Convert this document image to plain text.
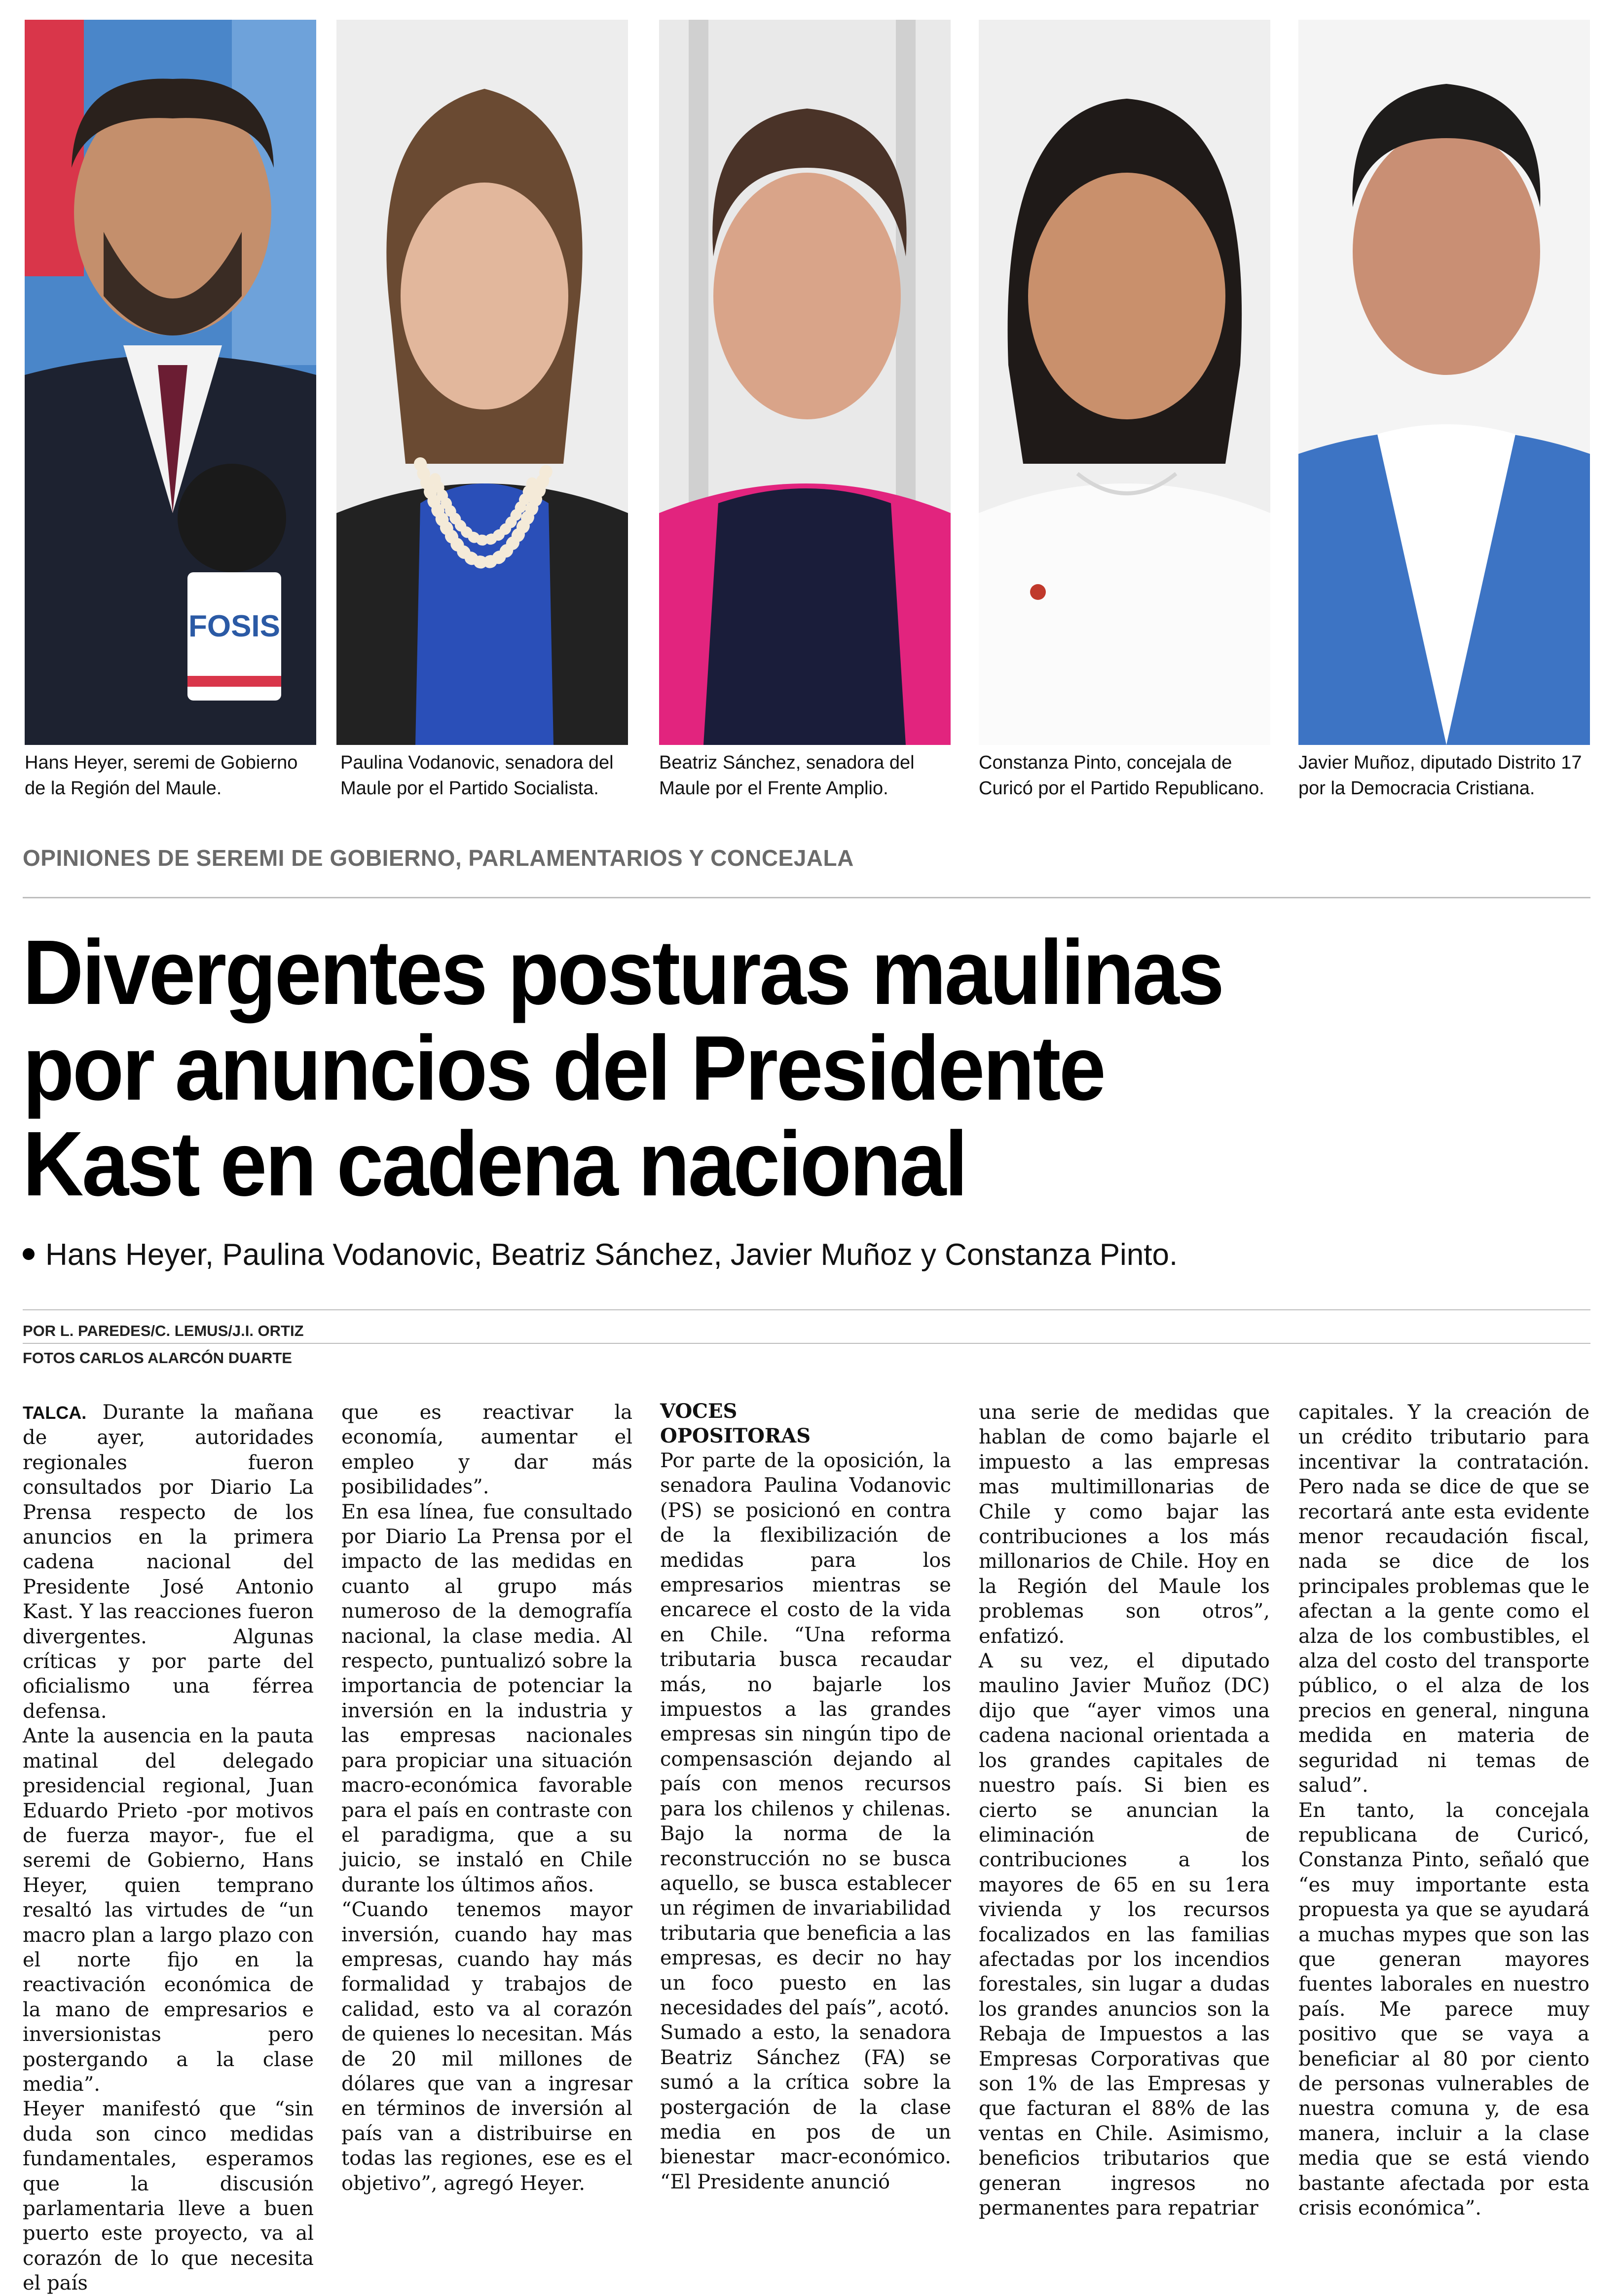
FOSIS
Hans Heyer, seremi de Gobierno de la Región del Maule.
Paulina Vodanovic, senadora del Maule por el Partido Socialista.
Beatriz Sánchez, senadora del Maule por el Frente Amplio.
Constanza Pinto, concejala de Curicó por el Partido Republicano.
Javier Muñoz, diputado Distrito 17 por la Democracia Cristiana.
OPINIONES DE SEREMI DE GOBIERNO, PARLAMENTARIOS Y CONCEJALA
Divergentes posturas maulinas
por anuncios del Presidente
Kast en cadena nacional
Hans Heyer, Paulina Vodanovic, Beatriz Sánchez, Javier Muñoz y Constanza Pinto.
POR L. PAREDES/C. LEMUS/J.I. ORTIZ
FOTOS CARLOS ALARCÓN DUARTE

TALCA. Durante la mañana de ayer, autoridades regionales fueron consultados por Diario La Prensa respecto de los anuncios en la primera cadena nacional del Presidente José Antonio Kast. Y las reacciones fueron divergentes. Algunas críticas y por parte del oficialismo una férrea defensa.

Ante la ausencia en la pauta matinal del delegado presidencial regional, Juan Eduardo Prieto -por motivos de fuerza mayor-, fue el seremi de Gobierno, Hans Heyer, quien temprano resaltó las virtudes de “un macro plan a largo plazo con el norte fijo en la reactivación económica de la mano de empresarios e inversionistas pero postergando a la clase media”.

Heyer manifestó que “sin duda son cinco medidas fundamentales, esperamos que la discusión parlamentaria lleve a buen puerto este proyecto, va al corazón de lo que necesita el país

que es reactivar la economía, aumentar el empleo y dar más posibilidades”.

En esa línea, fue consultado por Diario La Prensa por el impacto de las medidas en cuanto al grupo más numeroso de la demografía nacional, la clase media. Al respecto, puntualizó sobre la importancia de potenciar la inversión en la industria y las empresas nacionales para propiciar una situación macro-económica favorable para el país en contraste con el paradigma, que a su juicio, se instaló en Chile durante los últimos años.

“Cuando tenemos mayor inversión, cuando hay mas empresas, cuando hay más formalidad y trabajos de calidad, esto va al corazón de quienes lo necesitan. Más de 20 mil millones de dólares que van a ingresar en términos de inversión al país van a distribuirse en todas las regiones, ese es el objetivo”, agregó Heyer.

VOCES OPOSITORAS

Por parte de la oposición, la senadora Paulina Vodanovic (PS) se posicionó en contra de la flexibilización de medidas para los empresarios mientras se encarece el costo de la vida en Chile. “Una reforma tributaria busca recaudar más, no bajarle los impuestos a las grandes empresas sin ningún tipo de compensasción dejando al país con menos recursos para los chilenos y chilenas. Bajo la norma de la reconstrucción no se busca aquello, se busca establecer un régimen de invariabilidad tributaria que beneficia a las empresas, es decir no hay un foco puesto en las necesidades del país”, acotó.

Sumado a esto, la senadora Beatriz Sánchez (FA) se sumó a la crítica sobre la postergación de la clase media en pos de un bienestar macr-económico. “El Presidente anunció

una serie de medidas que hablan de como bajarle el impuesto a las empresas mas multimillonarias de Chile y como bajar las contribuciones a los más millonarios de Chile. Hoy en la Región del Maule los problemas son otros”, enfatizó.

A su vez, el diputado maulino Javier Muñoz (DC) dijo que “ayer vimos una cadena nacional orientada a los grandes capitales de nuestro país. Si bien es cierto se anuncian la eliminación de contribuciones a los mayores de 65 en su 1era vivienda y los recursos focalizados en las familias afectadas por los incendios forestales, sin lugar a dudas los grandes anuncios son la Rebaja de Impuestos a las Empresas Corporativas que son 1% de las Empresas y que facturan el 88% de las ventas en Chile. Asimismo, beneficios tributarios que generan ingresos no permanentes para repatriar

capitales. Y la creación de un crédito tributario para incentivar la contratación. Pero nada se dice de que se recortará ante esta evidente menor recaudación fiscal, nada se dice de los principales problemas que le afectan a la gente como el alza de los combustibles, el alza del costo del transporte público, o el alza de los precios en general, ninguna medida en materia de seguridad ni temas de salud”.

En tanto, la concejala republicana de Curicó, Constanza Pinto, señaló que “es muy importante esta propuesta ya que se ayudará a muchas mypes que son las que generan mayores fuentes laborales en nuestro país. Me parece muy positivo que se vaya a beneficiar al 80 por ciento de personas vulnerables de nuestra comuna y, de esa manera, incluir a la clase media que se está viendo bastante afectada por esta crisis económica”.
